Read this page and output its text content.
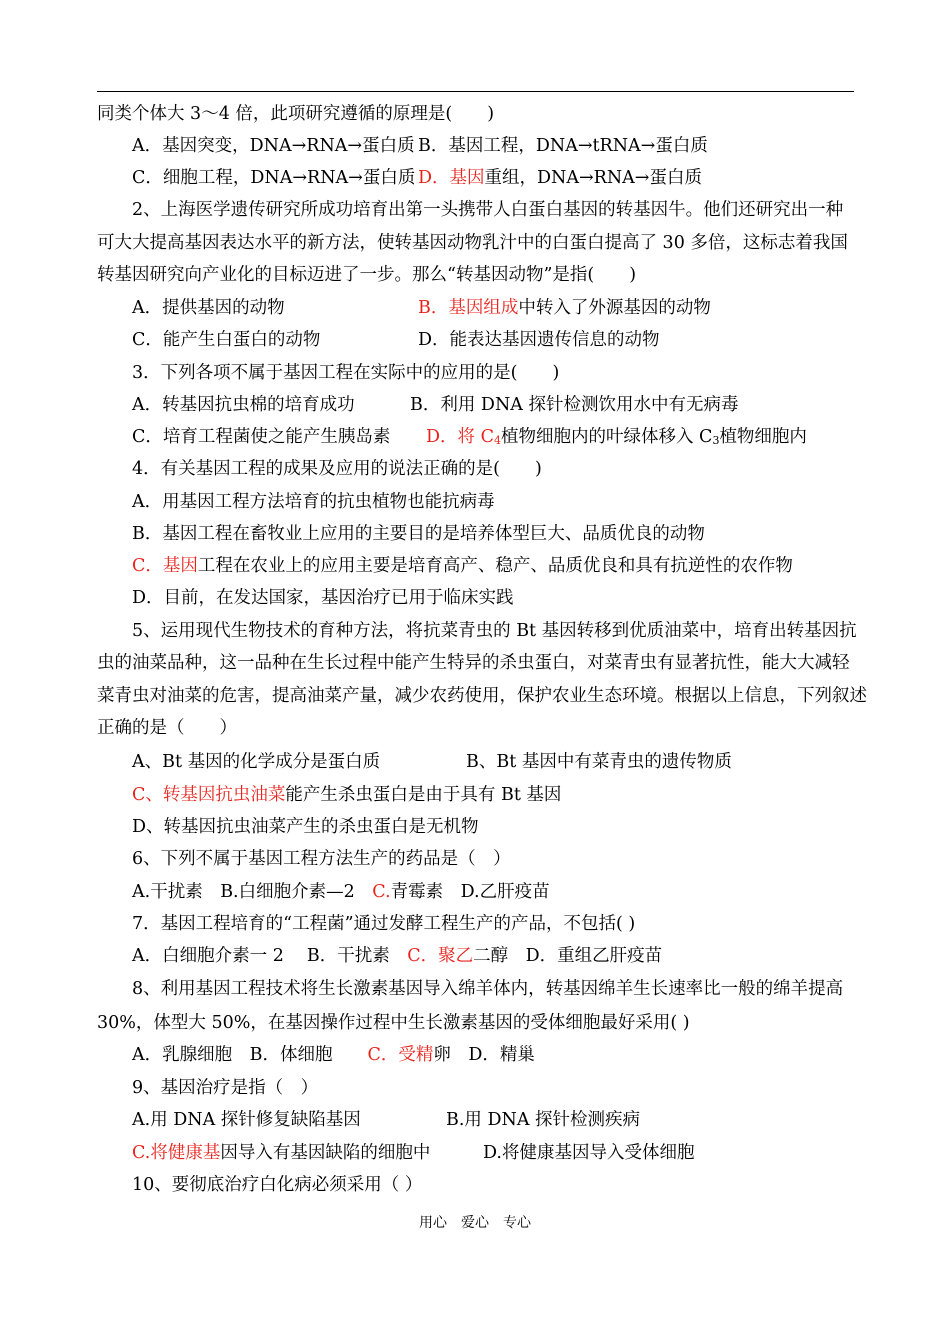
同类个体大 3～4 倍，此项研究遵循的原理是(　　)
A．基因突变，DNA→RNA→蛋白质 B．基因工程，DNA→tRNA→蛋白质
C．细胞工程，DNA→RNA→蛋白质 D．基因重组，DNA→RNA→蛋白质
2、上海医学遗传研究所成功培育出第一头携带人白蛋白基因的转基因牛。他们还研究出一种
可大大提高基因表达水平的新方法，使转基因动物乳汁中的白蛋白提高了 30 多倍，这标志着我国
转基因研究向产业化的目标迈进了一步。那么“转基因动物”是指(　　)
A．提供基因的动物	B．基因组成中转入了外源基因的动物
C．能产生白蛋白的动物	D．能表达基因遗传信息的动物
3．下列各项不属于基因工程在实际中的应用的是(　　)
A．转基因抗虫棉的培育成功	B．利用 DNA 探针检测饮用水中有无病毒
C．培育工程菌使之能产生胰岛素 D．将 $C_4$植物细胞内的叶绿体移入 $C_3$植物细胞内
4．有关基因工程的成果及应用的说法正确的是(　　)
A．用基因工程方法培育的抗虫植物也能抗病毒
B．基因工程在畜牧业上应用的主要目的是培养体型巨大、品质优良的动物
C．基因工程在农业上的应用主要是培育高产、稳产、品质优良和具有抗逆性的农作物
D．目前，在发达国家，基因治疗已用于临床实践
5、运用现代生物技术的育种方法，将抗菜青虫的 Bt 基因转移到优质油菜中，培育出转基因抗
虫的油菜品种，这一品种在生长过程中能产生特异的杀虫蛋白，对菜青虫有显著抗性，能大大减轻
菜青虫对油菜的危害，提高油菜产量，减少农药使用，保护农业生态环境。根据以上信息，下列叙述
正确的是（　　）
A、Bt 基因的化学成分是蛋白质	B、Bt 基因中有菜青虫的遗传物质
C、转基因抗虫油菜能产生杀虫蛋白是由于具有 Bt 基因
D、转基因抗虫油菜产生的杀虫蛋白是无机物
6、下列不属于基因工程方法生产的药品是（　）
A.干扰素　B.白细胞介素—2　C.青霉素　D.乙肝疫苗
7．基因工程培育的“工程菌”通过发酵工程生产的产品，不包括( )
A．白细胞介素一 2　 B．干扰素　C．聚乙二醇　D．重组乙肝疫苗
8、利用基因工程技术将生长激素基因导入绵羊体内，转基因绵羊生长速率比一般的绵羊提高
30%，体型大 50%，在基因操作过程中生长激素基因的受体细胞最好采用( )
A．乳腺细胞　B．体细胞　　C．受精卵　D．精巢
9、基因治疗是指（　）
A.用 DNA 探针修复缺陷基因	B.用 DNA 探针检测疾病
C.将健康基因导入有基因缺陷的细胞中	D.将健康基因导入受体细胞
10、要彻底治疗白化病必须采用（ ）
用心　爱心　专心
